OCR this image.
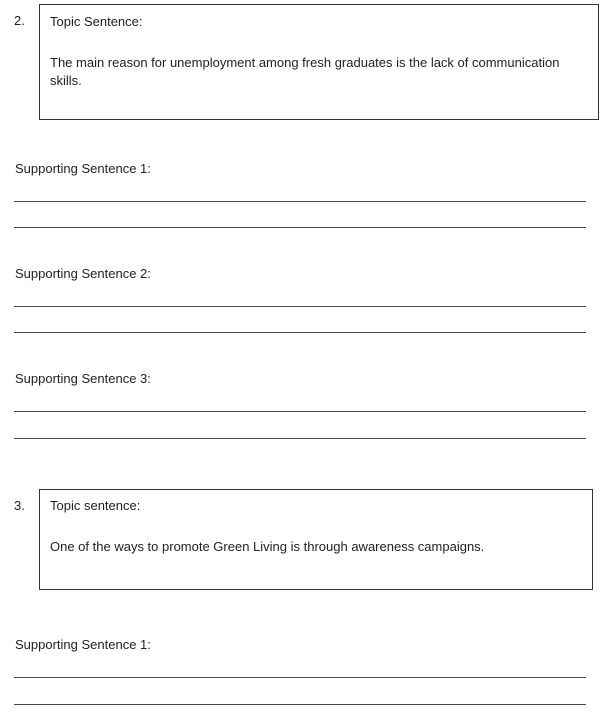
2. Topic Sentence:
The main reason for unemployment among fresh graduates is the lack of communication skills.
Supporting Sentence 1:
Supporting Sentence 2:
Supporting Sentence 3:
3. Topic sentence:
One of the ways to promote Green Living is through awareness campaigns.
Supporting Sentence 1:
